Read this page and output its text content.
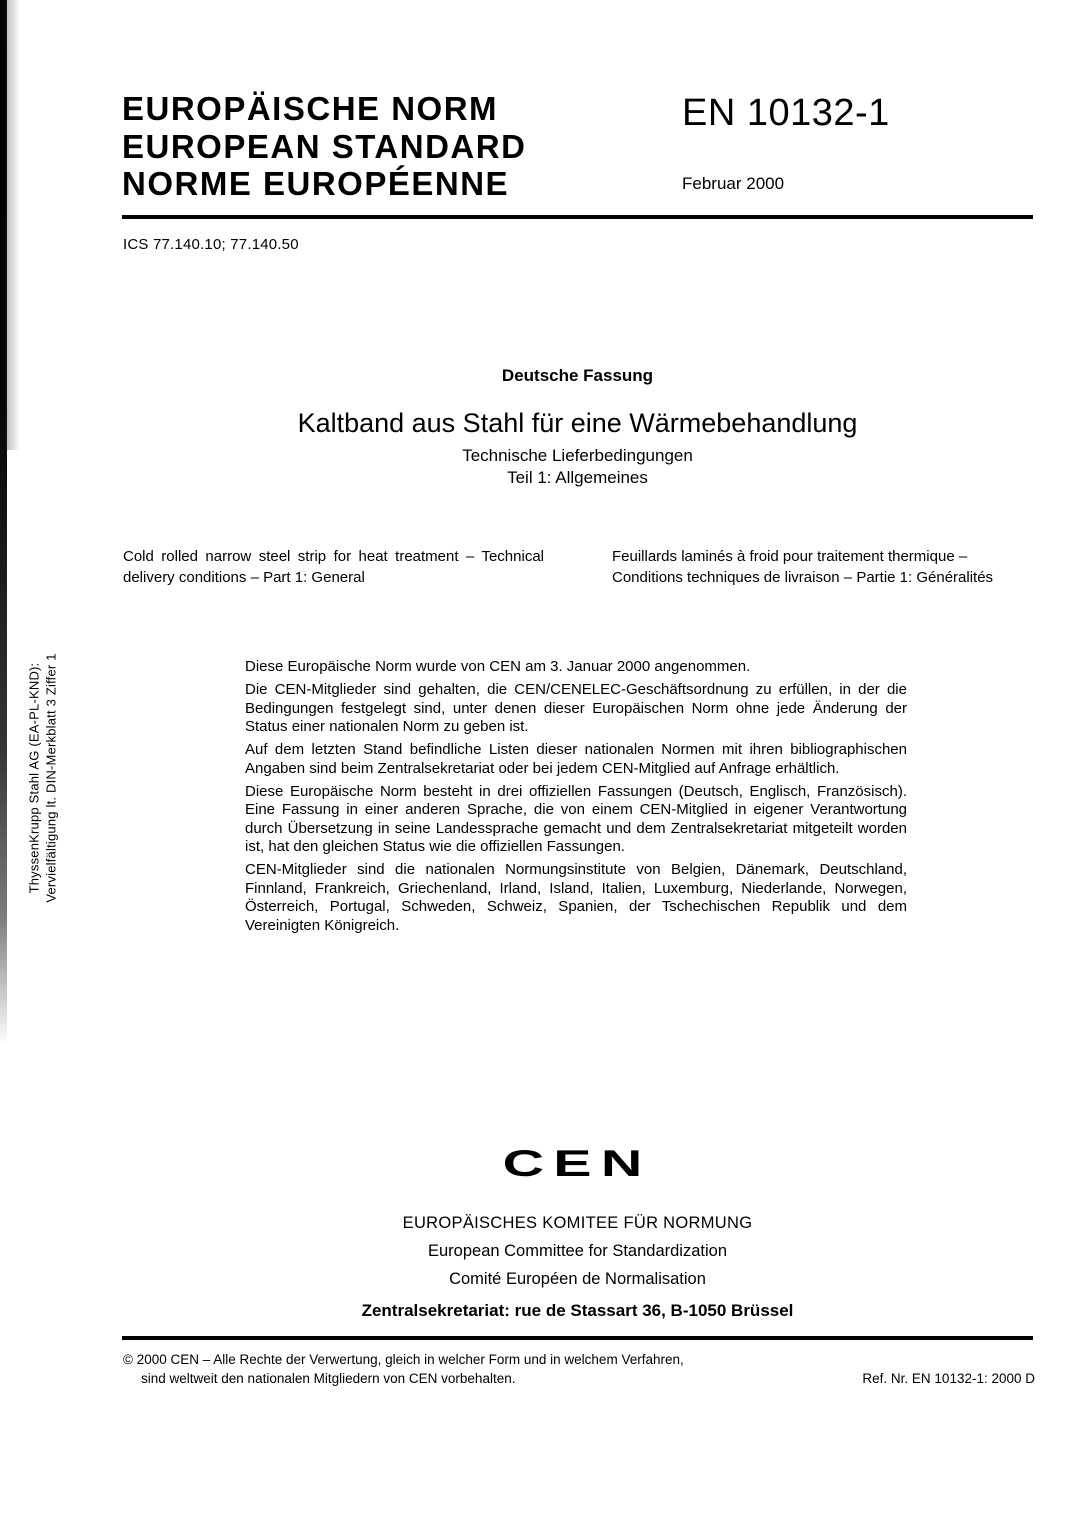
ThyssenKrupp Stahl AG (EA-PL-KND): Vervielfältigung lt. DIN-Merkblatt 3 Ziffer 1
EUROPÄISCHE NORM
EUROPEAN STANDARD
NORME EUROPÉENNE
EN 10132-1
Februar 2000
ICS 77.140.10; 77.140.50
Deutsche Fassung
Kaltband aus Stahl für eine Wärmebehandlung
Technische Lieferbedingungen
Teil 1: Allgemeines
Cold rolled narrow steel strip for heat treatment – Technical delivery conditions – Part 1: General
Feuillards laminés à froid pour traitement thermique – Conditions techniques de livraison – Partie 1: Généralités

Diese Europäische Norm wurde von CEN am 3. Januar 2000 angenommen.

Die CEN-Mitglieder sind gehalten, die CEN/CENELEC-Geschäftsordnung zu erfüllen, in der die Bedingungen festgelegt sind, unter denen dieser Europäischen Norm ohne jede Änderung der Status einer nationalen Norm zu geben ist.

Auf dem letzten Stand befindliche Listen dieser nationalen Normen mit ihren bibliographischen Angaben sind beim Zentralsekretariat oder bei jedem CEN-Mitglied auf Anfrage erhältlich.

Diese Europäische Norm besteht in drei offiziellen Fassungen (Deutsch, Englisch, Französisch). Eine Fassung in einer anderen Sprache, die von einem CEN-Mitglied in eigener Verantwortung durch Übersetzung in seine Landessprache gemacht und dem Zentralsekretariat mitgeteilt worden ist, hat den gleichen Status wie die offiziellen Fassungen.

CEN-Mitglieder sind die nationalen Normungsinstitute von Belgien, Dänemark, Deutschland, Finnland, Frankreich, Griechenland, Irland, Island, Italien, Luxemburg, Niederlande, Norwegen, Österreich, Portugal, Schweden, Schweiz, Spanien, der Tschechischen Republik und dem Vereinigten Königreich.

CEN
EUROPÄISCHES KOMITEE FÜR NORMUNG
European Committee for Standardization
Comité Européen de Normalisation
Zentralsekretariat: rue de Stassart 36, B-1050 Brüssel
© 2000 CEN – Alle Rechte der Verwertung, gleich in welcher Form und in welchem Verfahren,
sind weltweit den nationalen Mitgliedern von CEN vorbehalten.	Ref. Nr. EN 10132-1: 2000 D
